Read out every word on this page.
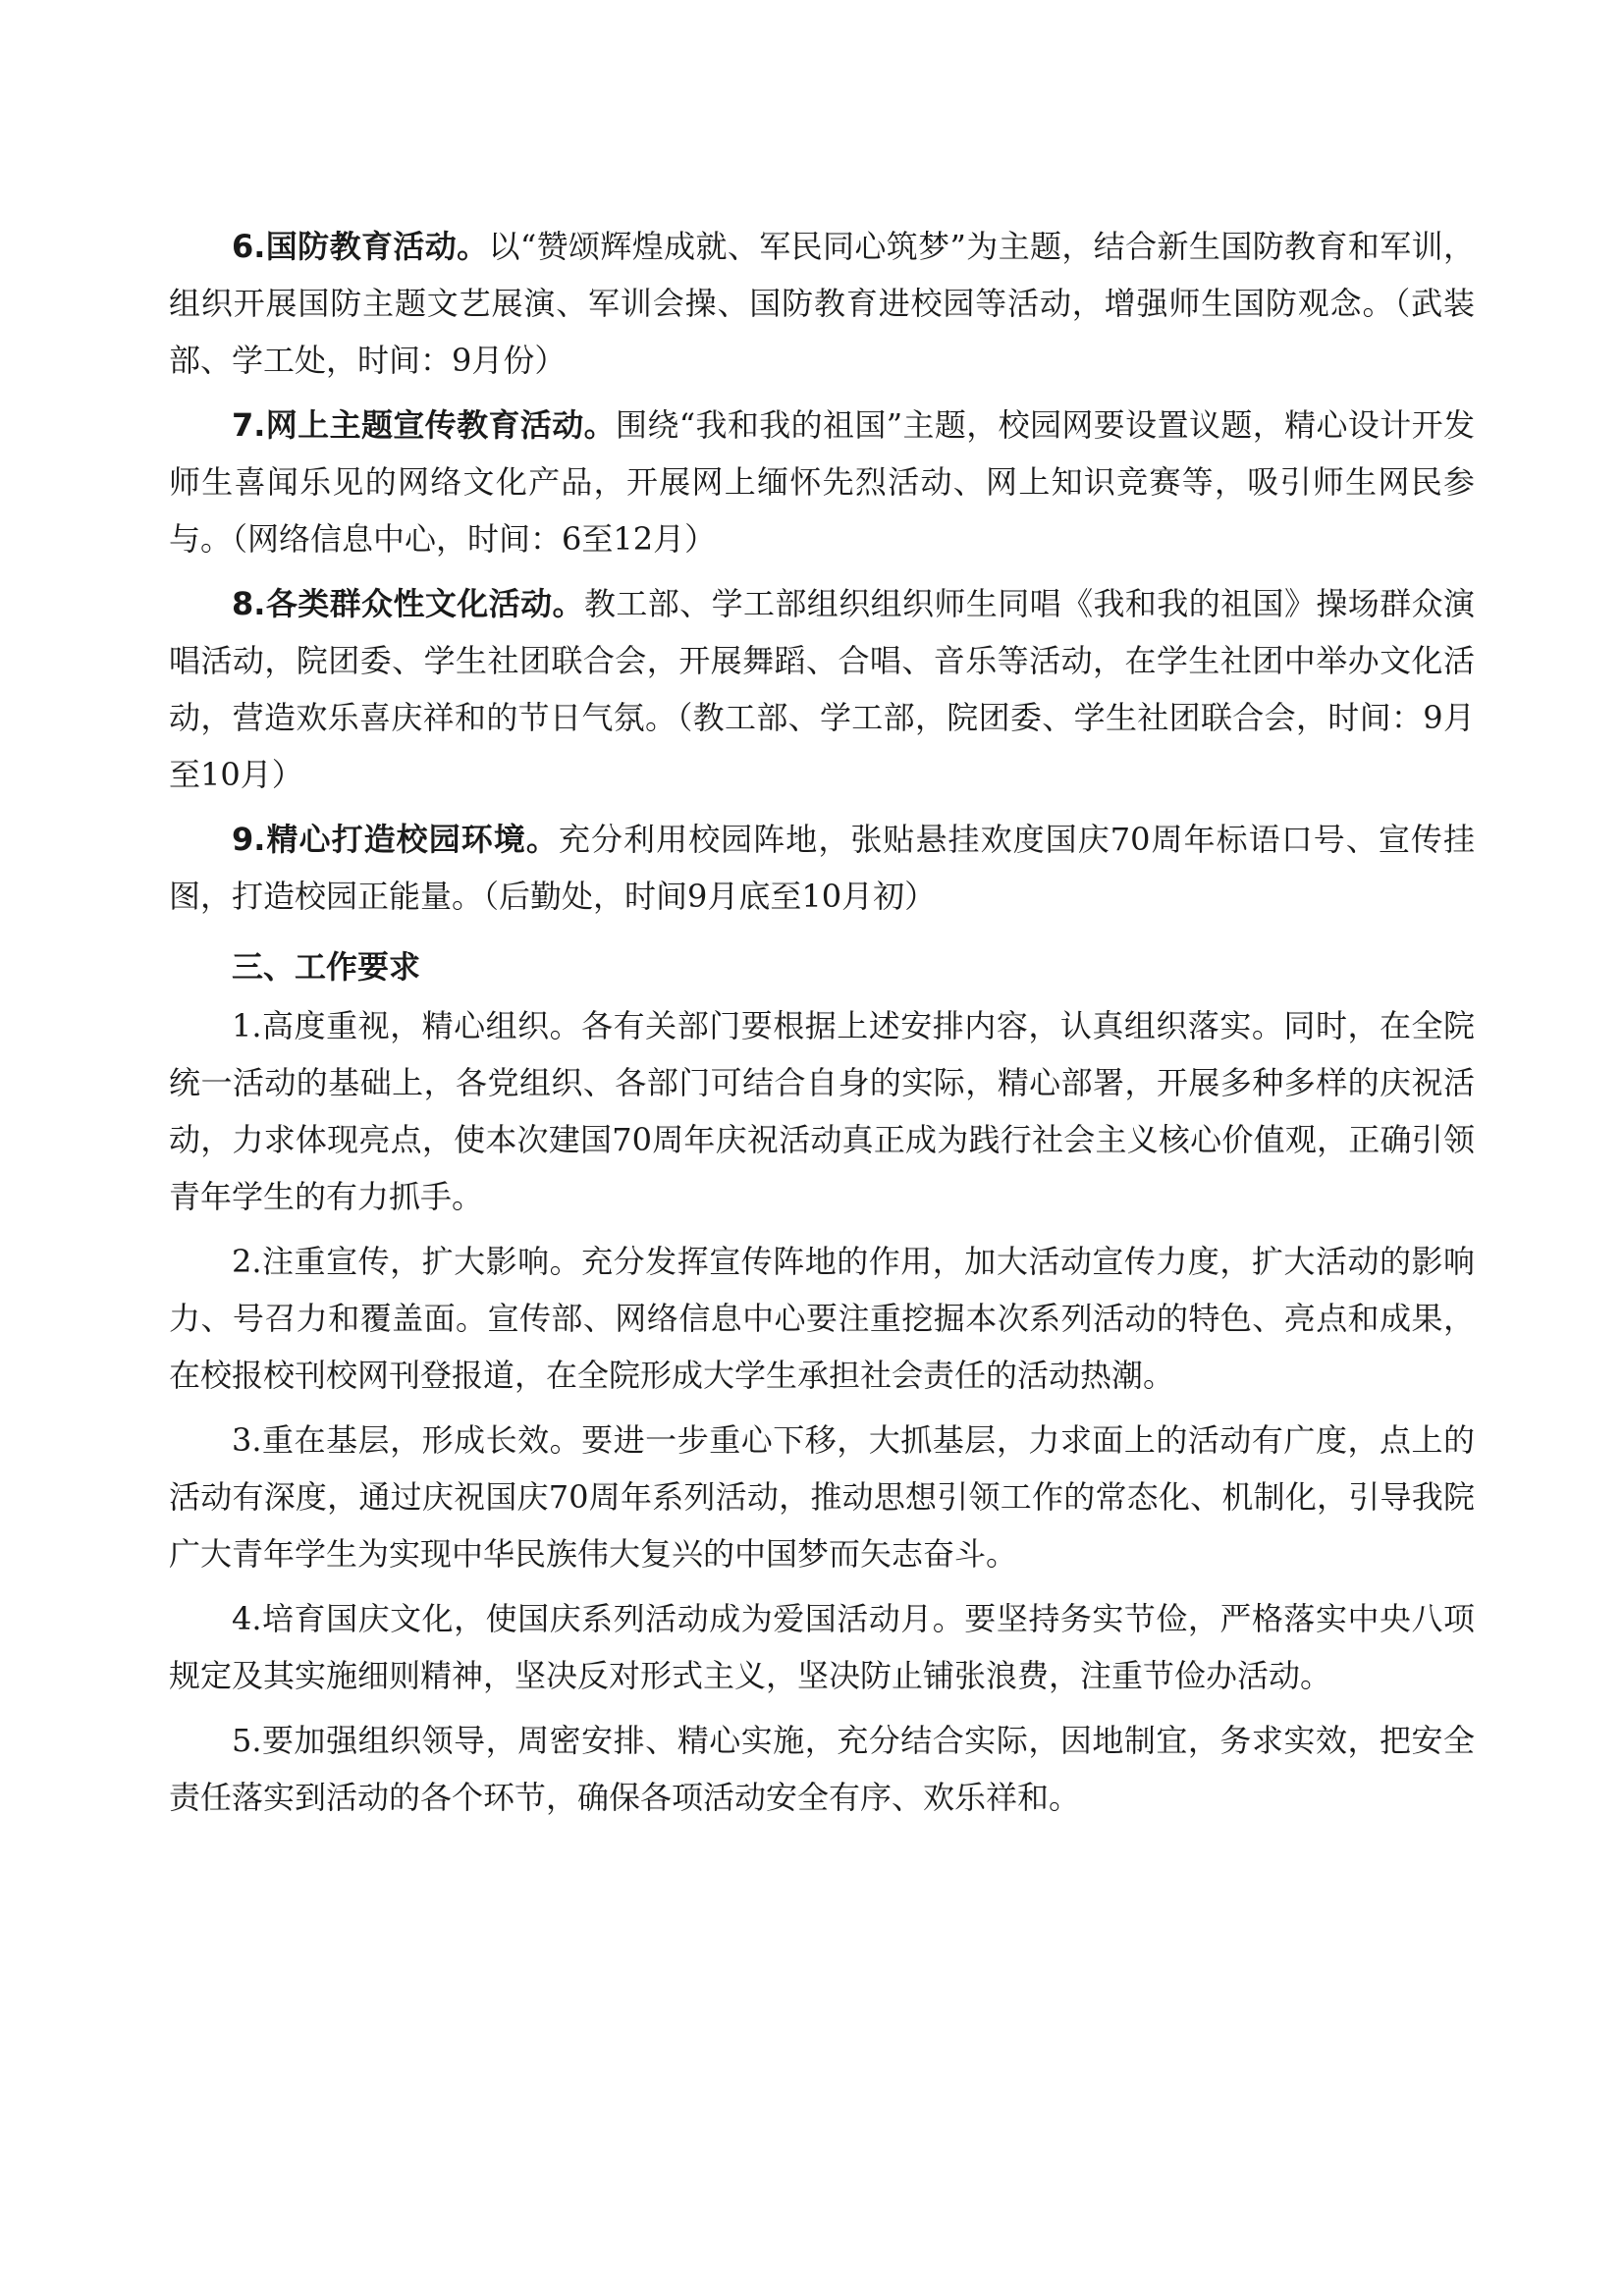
6.国防教育活动。以“赞颂辉煌成就、军民同心筑梦”为主题，结合新生国防教育和军训，组织开展国防主题文艺展演、军训会操、国防教育进校园等活动，增强师生国防观念。（武装部、学工处，时间：9月份）

7.网上主题宣传教育活动。围绕“我和我的祖国”主题，校园网要设置议题，精心设计开发师生喜闻乐见的网络文化产品，开展网上缅怀先烈活动、网上知识竞赛等，吸引师生网民参与。（网络信息中心，时间：6至12月）

8.各类群众性文化活动。教工部、学工部组织组织师生同唱《我和我的祖国》操场群众演唱活动，院团委、学生社团联合会，开展舞蹈、合唱、音乐等活动，在学生社团中举办文化活动，营造欢乐喜庆祥和的节日气氛。（教工部、学工部，院团委、学生社团联合会，时间：9月至10月）

9.精心打造校园环境。充分利用校园阵地，张贴悬挂欢度国庆70周年标语口号、宣传挂图，打造校园正能量。（后勤处，时间9月底至10月初）

三、工作要求

1.高度重视，精心组织。各有关部门要根据上述安排内容，认真组织落实。同时，在全院统一活动的基础上，各党组织、各部门可结合自身的实际，精心部署，开展多种多样的庆祝活动，力求体现亮点，使本次建国70周年庆祝活动真正成为践行社会主义核心价值观，正确引领青年学生的有力抓手。

2.注重宣传，扩大影响。充分发挥宣传阵地的作用，加大活动宣传力度，扩大活动的影响力、号召力和覆盖面。宣传部、网络信息中心要注重挖掘本次系列活动的特色、亮点和成果，在校报校刊校网刊登报道，在全院形成大学生承担社会责任的活动热潮。

3.重在基层，形成长效。要进一步重心下移，大抓基层，力求面上的活动有广度，点上的活动有深度，通过庆祝国庆70周年系列活动，推动思想引领工作的常态化、机制化，引导我院广大青年学生为实现中华民族伟大复兴的中国梦而矢志奋斗。

4.培育国庆文化，使国庆系列活动成为爱国活动月。要坚持务实节俭，严格落实中央八项规定及其实施细则精神，坚决反对形式主义，坚决防止铺张浪费，注重节俭办活动。

5.要加强组织领导，周密安排、精心实施，充分结合实际，因地制宜，务求实效，把安全责任落实到活动的各个环节，确保各项活动安全有序、欢乐祥和。
